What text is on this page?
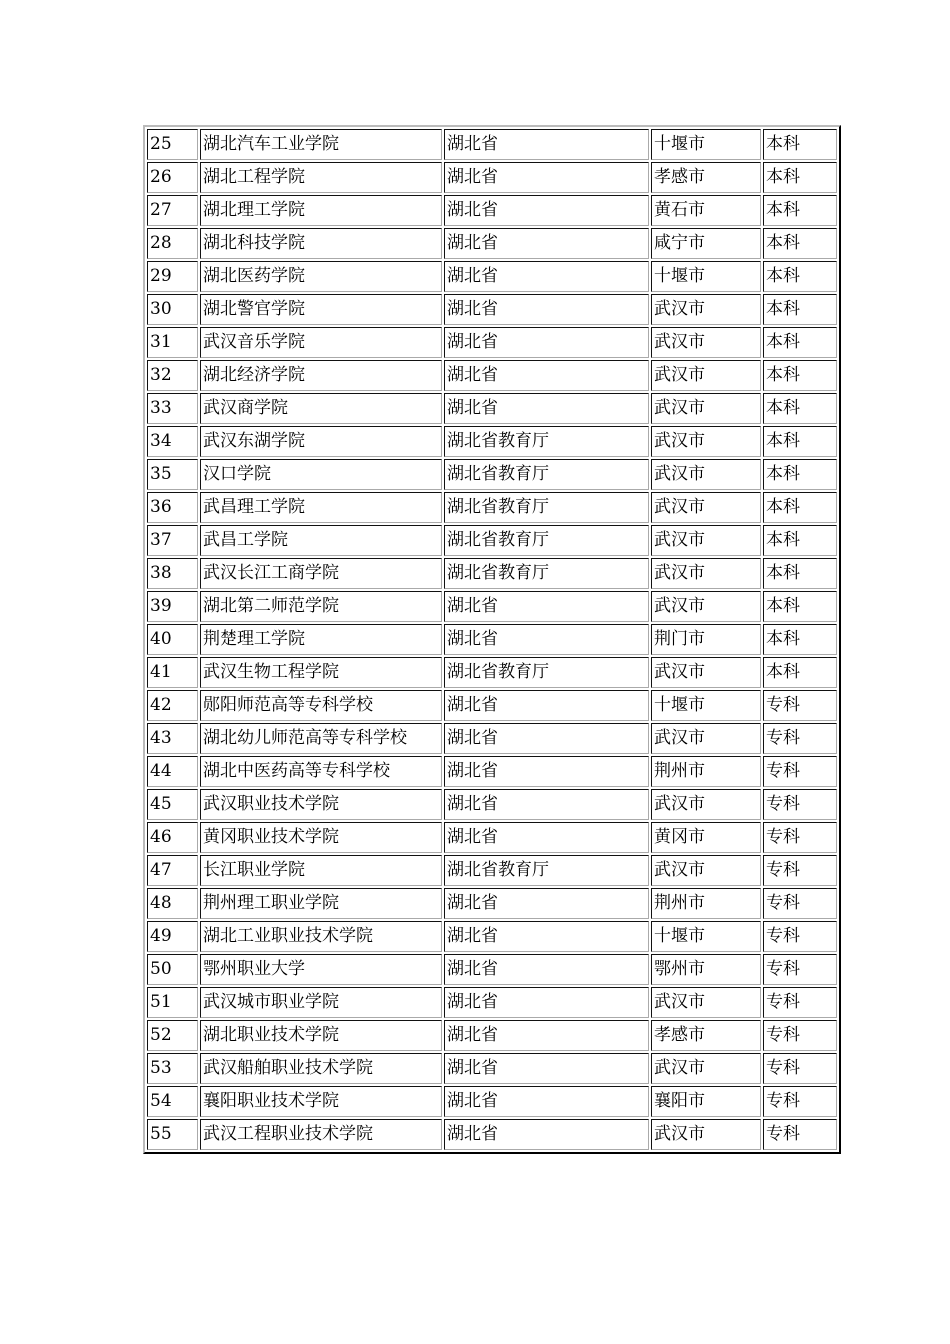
25	湖北汽车工业学院	湖北省	十堰市	本科
26	湖北工程学院	湖北省	孝感市	本科
27	湖北理工学院	湖北省	黄石市	本科
28	湖北科技学院	湖北省	咸宁市	本科
29	湖北医药学院	湖北省	十堰市	本科
30	湖北警官学院	湖北省	武汉市	本科
31	武汉音乐学院	湖北省	武汉市	本科
32	湖北经济学院	湖北省	武汉市	本科
33	武汉商学院	湖北省	武汉市	本科
34	武汉东湖学院	湖北省教育厅	武汉市	本科
35	汉口学院	湖北省教育厅	武汉市	本科
36	武昌理工学院	湖北省教育厅	武汉市	本科
37	武昌工学院	湖北省教育厅	武汉市	本科
38	武汉长江工商学院	湖北省教育厅	武汉市	本科
39	湖北第二师范学院	湖北省	武汉市	本科
40	荆楚理工学院	湖北省	荆门市	本科
41	武汉生物工程学院	湖北省教育厅	武汉市	本科
42	郧阳师范高等专科学校	湖北省	十堰市	专科
43	湖北幼儿师范高等专科学校	湖北省	武汉市	专科
44	湖北中医药高等专科学校	湖北省	荆州市	专科
45	武汉职业技术学院	湖北省	武汉市	专科
46	黄冈职业技术学院	湖北省	黄冈市	专科
47	长江职业学院	湖北省教育厅	武汉市	专科
48	荆州理工职业学院	湖北省	荆州市	专科
49	湖北工业职业技术学院	湖北省	十堰市	专科
50	鄂州职业大学	湖北省	鄂州市	专科
51	武汉城市职业学院	湖北省	武汉市	专科
52	湖北职业技术学院	湖北省	孝感市	专科
53	武汉船舶职业技术学院	湖北省	武汉市	专科
54	襄阳职业技术学院	湖北省	襄阳市	专科
55	武汉工程职业技术学院	湖北省	武汉市	专科
